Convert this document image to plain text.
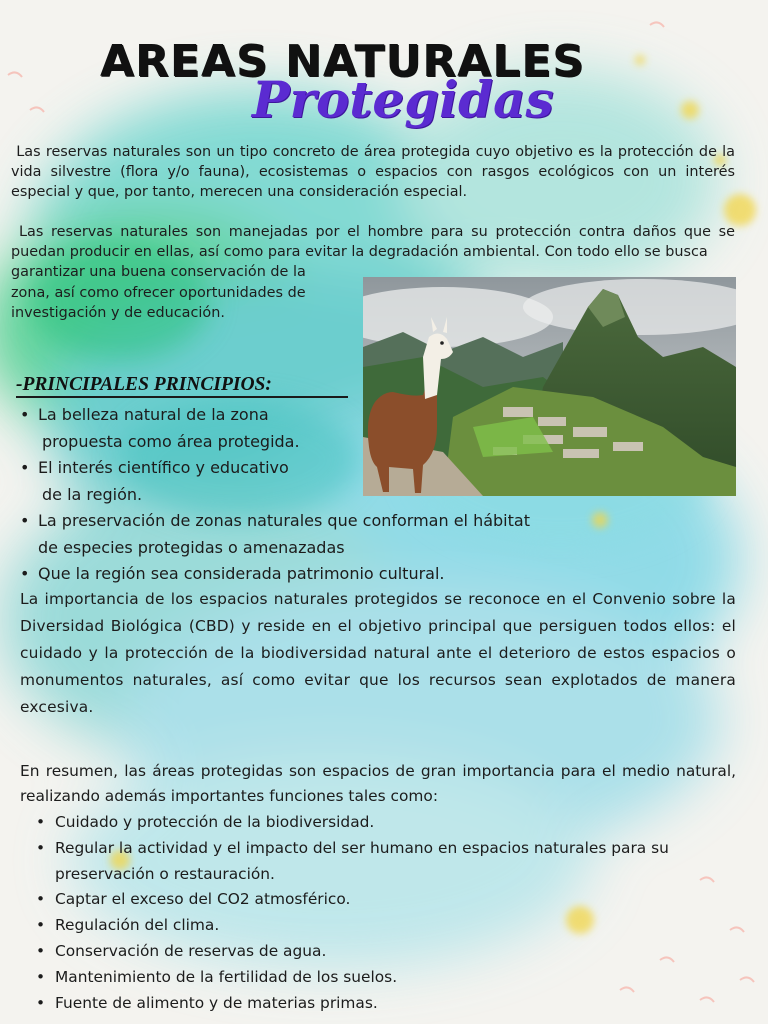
AREAS NATURALES
Protegidas
Las reservas naturales son un tipo concreto de área protegida cuyo objetivo es la protección de la vida silvestre (flora y/o fauna), ecosistemas o espacios con rasgos ecológicos con un interés especial y que, por tanto, merecen una consideración especial.
Las reservas naturales son manejadas por el hombre para su protección contra daños que se puedan producir en ellas, así como para evitar la degradación ambiental. Con todo ello se busca
garantizar una buena conservación de la zona, así como ofrecer oportunidades de investigación y de educación.
-PRINCIPALES PRINCIPIOS:
• La belleza natural de la zona
propuesta como área protegida.
• El interés científico y educativo
de la región.
• La preservación de zonas naturales que conforman el hábitat
de especies protegidas o amenazadas
• Que la región sea considerada patrimonio cultural.
La importancia de los espacios naturales protegidos se reconoce en el Convenio sobre la Diversidad Biológica (CBD) y reside en el objetivo principal que persiguen todos ellos: el cuidado y la protección de la biodiversidad natural ante el deterioro de estos espacios o monumentos naturales, así como evitar que los recursos sean explotados de manera excesiva.
En resumen, las áreas protegidas son espacios de gran importancia para el medio natural, realizando además importantes funciones tales como:
• Cuidado y protección de la biodiversidad.
• Regular la actividad y el impacto del ser humano en espacios naturales para su preservación o restauración.
• Captar el exceso del CO2 atmosférico.
• Regulación del clima.
• Conservación de reservas de agua.
• Mantenimiento de la fertilidad de los suelos.
• Fuente de alimento y de materias primas.
